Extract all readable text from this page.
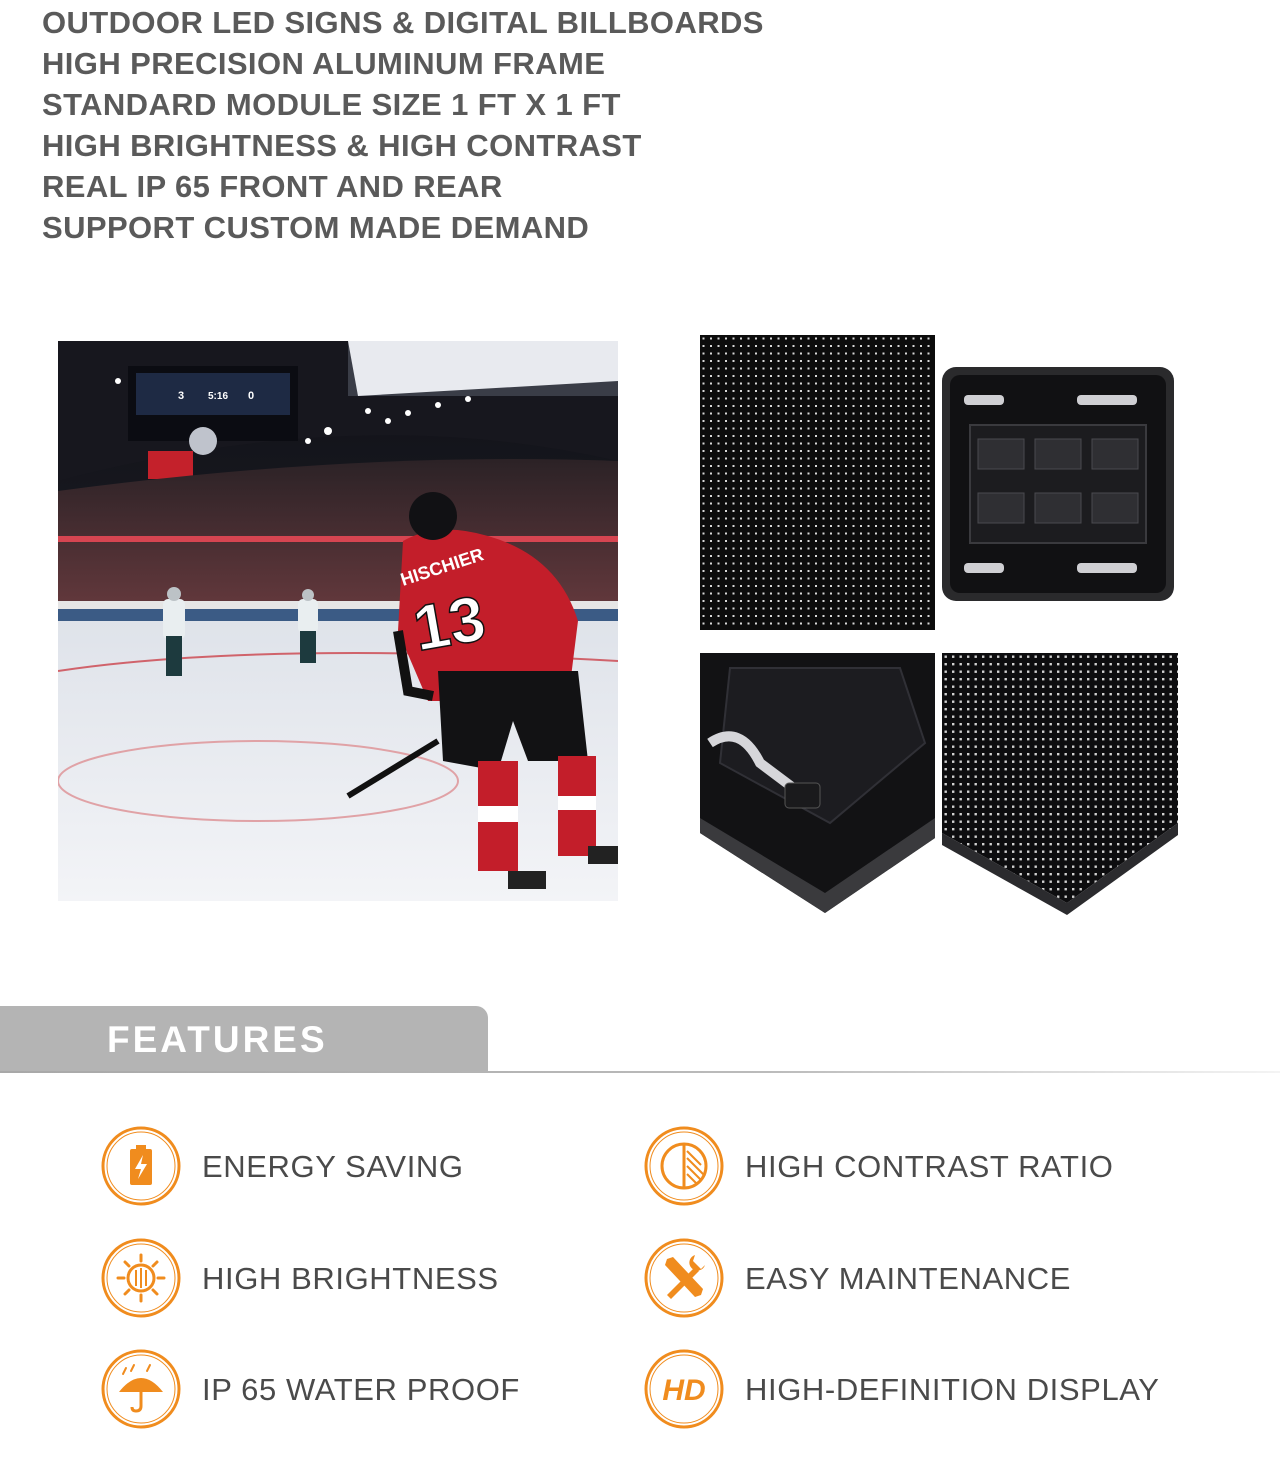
OUTDOOR LED SIGNS & DIGITAL BILLBOARDS
HIGH PRECISION ALUMINUM FRAME
STANDARD MODULE SIZE 1 FT X 1 FT
HIGH BRIGHTNESS & HIGH CONTRAST
REAL IP 65 FRONT AND REAR
SUPPORT CUSTOM MADE DEMAND
3 5:16 0
HISCHIER
13
FEATURES
ENERGY SAVING	HIGH CONTRAST RATIO
HIGH BRIGHTNESS	EASY MAINTENANCE
IP 65 WATER PROOF	HD HIGH-DEFINITION DISPLAY
